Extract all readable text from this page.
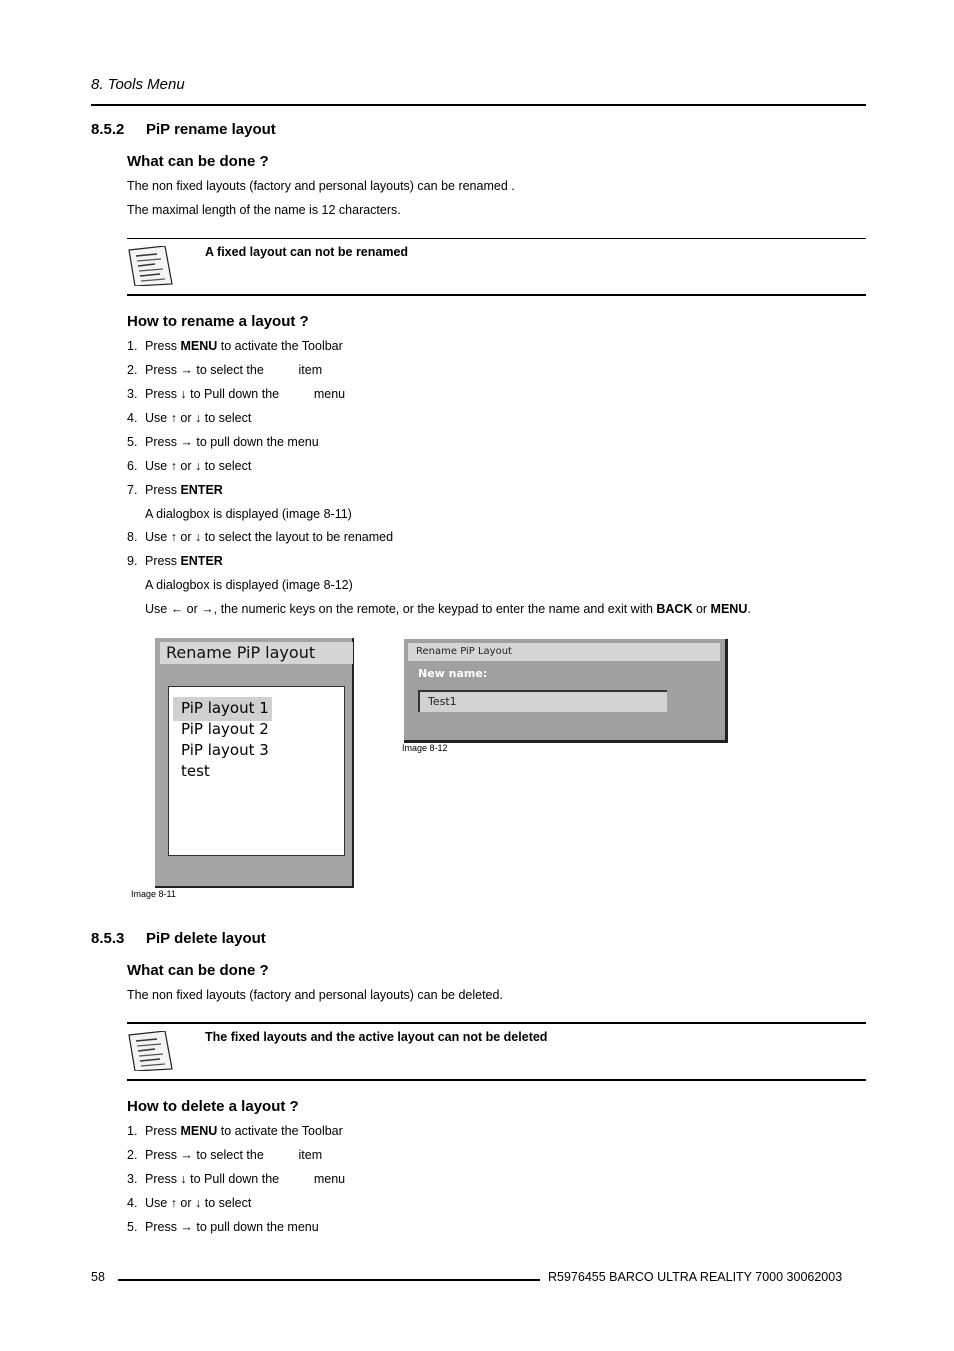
8. Tools Menu
8.5.2 PiP rename layout
What can be done ?
The non fixed layouts (factory and personal layouts) can be renamed .
The maximal length of the name is 12 characters.
A fixed layout can not be renamed
How to rename a layout ?
1. Press MENU to activate the Toolbar
2. Press → to select the          item
3. Press ↓ to Pull down the          menu
4. Use ↑ or ↓ to select
5. Press → to pull down the menu
6. Use ↑ or ↓ to select
7. Press ENTER
A dialogbox is displayed (image 8-11)
8. Use ↑ or ↓ to select the layout to be renamed
9. Press ENTER
A dialogbox is displayed (image 8-12)
Use ← or →, the numeric keys on the remote, or the keypad to enter the name and exit with BACK or MENU.
Rename PiP layout
PiP layout 1
PiP layout 2
PiP layout 3
test
Image 8-11
Rename PiP Layout
New name:
Test1
Image 8-12
8.5.3 PiP delete layout
What can be done ?
The non fixed layouts (factory and personal layouts) can be deleted.
The fixed layouts and the active layout can not be deleted
How to delete a layout ?
1. Press MENU to activate the Toolbar
2. Press → to select the          item
3. Press ↓ to Pull down the          menu
4. Use ↑ or ↓ to select
5. Press → to pull down the menu
58	R5976455 BARCO ULTRA REALITY 7000 30062003
